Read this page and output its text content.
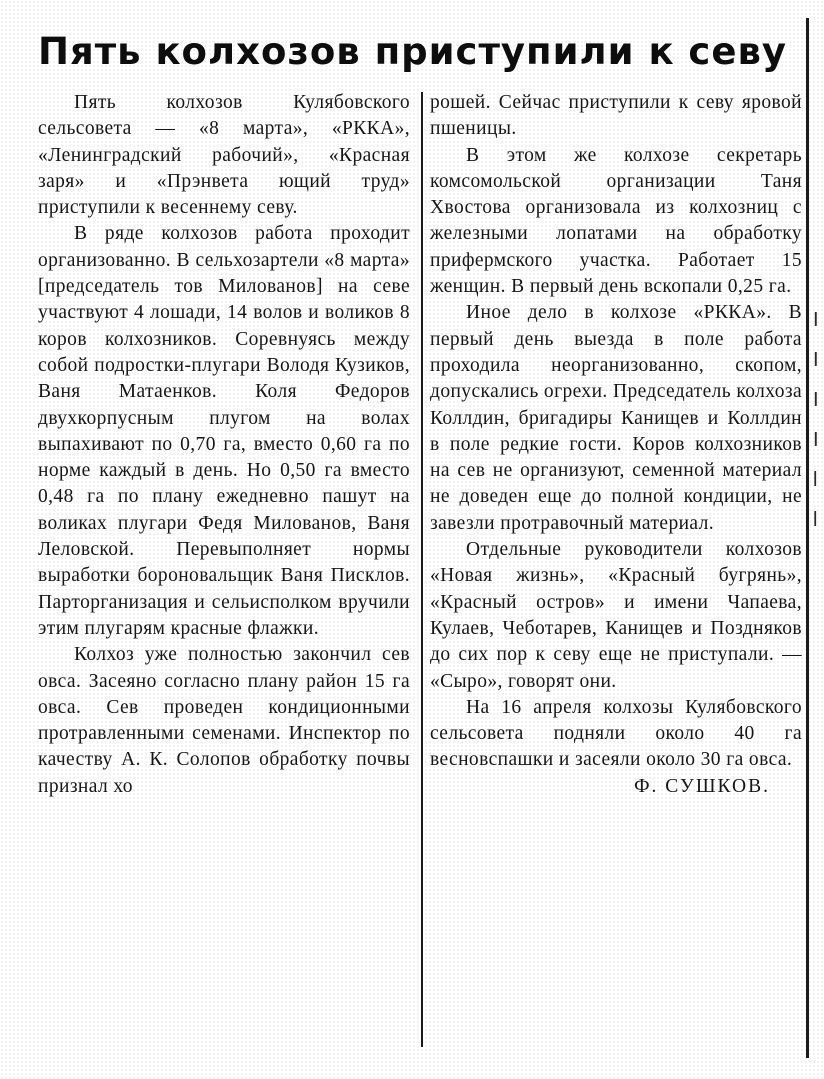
Пять колхозов приступили к севу
I I I I l l

Пять колхозов Кулябовского сельсовета — «8 марта», «РККА», «Ленинградский рабочий», «Красная заря» и «Прэнвета ющий труд» приступили к весеннему севу.

В ряде колхозов работа проходит организованно. В сельхозартели «8 марта» [председатель тов Милованов] на севе участвуют 4 лошади, 14 волов и воликов 8 коров колхозников. Соревнуясь между собой подростки-плугари Володя Кузиков, Ваня Матаенков. Коля Федоров двухкорпусным плугом на волах выпахивают по 0,70 га, вместо 0,60 га по норме каждый в день. Но 0,50 га вместо 0,48 га по плану ежедневно пашут на воликах плугари Федя Милованов, Ваня Леловской. Перевыполняет нормы выработки бороновальщик Ваня Писклов. Парторганизация и сельисполком вручили этим плугарям красные флажки.

Колхоз уже полностью закончил сев овса. Засеяно согласно плану район 15 га овса. Сев проведен кондиционными протравленными семенами. Инспектор по качеству А. К. Солопов обработку почвы признал хо

рошей. Сейчас приступили к севу яровой пшеницы.

В этом же колхозе секретарь комсомольской организации Таня Хвостова организовала из колхозниц с железными лопатами на обработку прифермского участка. Работает 15 женщин. В первый день вскопали 0,25 га.

Иное дело в колхозе «РККА». В первый день выезда в поле работа проходила неорганизованно, скопом, допускались огрехи. Председатель колхоза Коллдин, бригадиры Канищев и Коллдин в поле редкие гости. Коров колхозников на сев не организуют, семенной материал не доведен еще до полной кондиции, не завезли протравочный материал.

Отдельные руководители колхозов «Новая жизнь», «Красный бугрянь», «Красный остров» и имени Чапаева, Кулаев, Чеботарев, Канищев и Поздняков до сих пор к севу еще не приступали. — «Сыро», говорят они.

На 16 апреля колхозы Кулябовского сельсовета подняли около 40 га весновспашки и засеяли около 30 га овса.

Ф. СУШКОВ.
